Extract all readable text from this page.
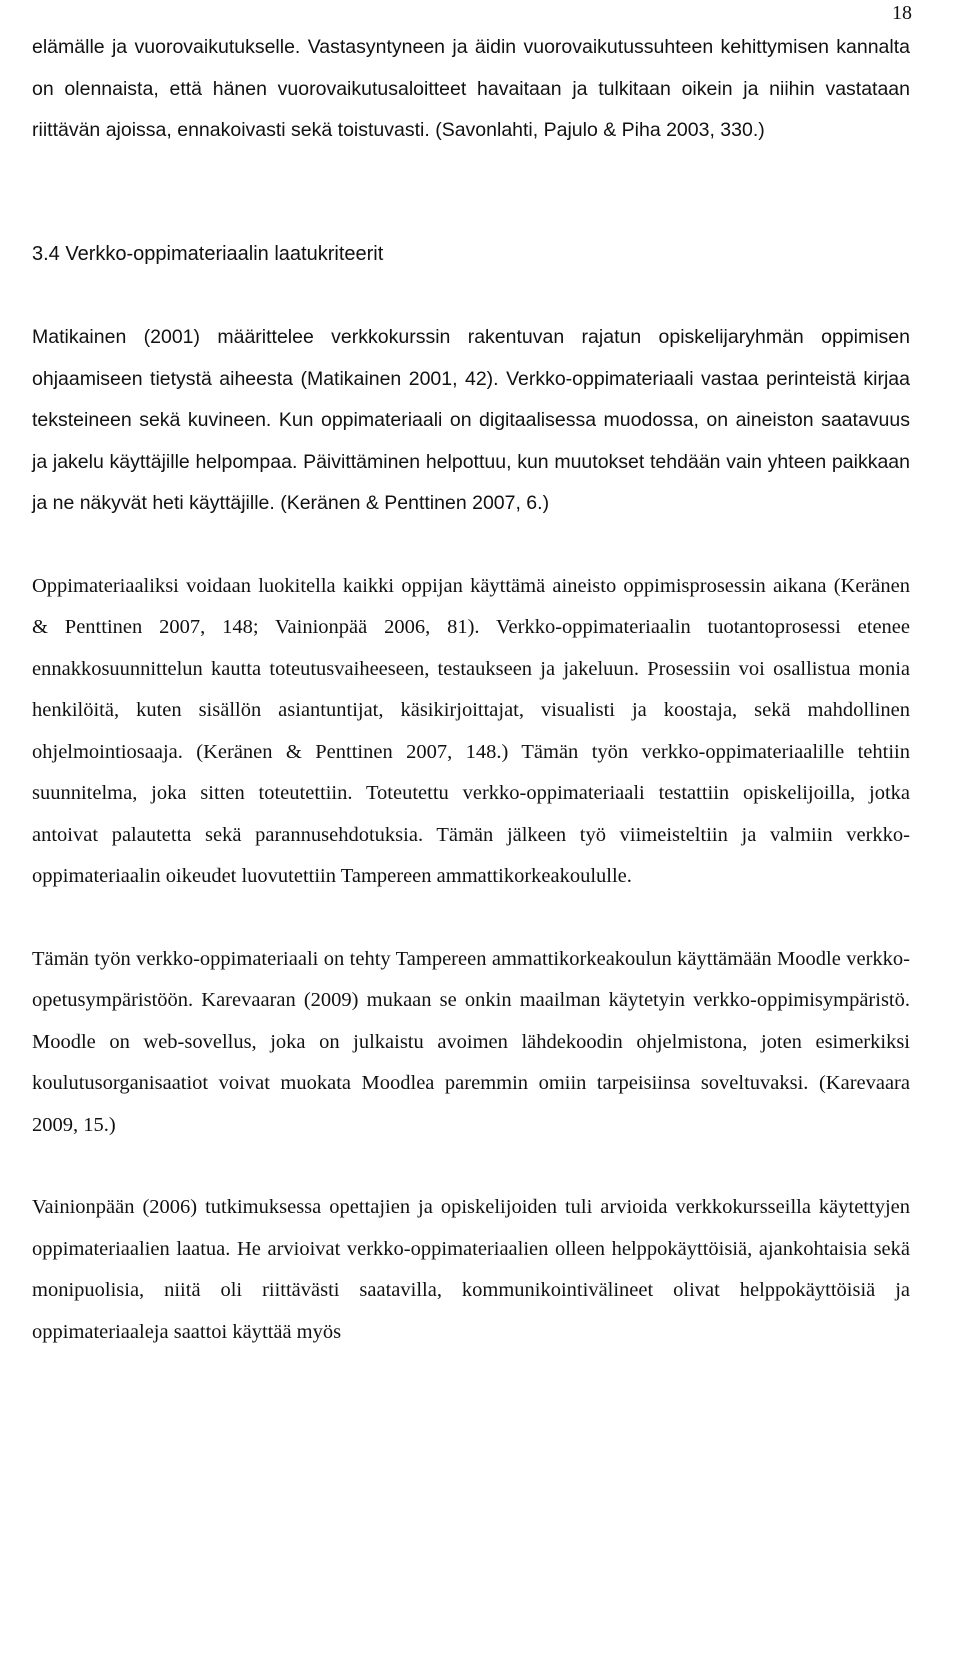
18

elämälle ja vuorovaikutukselle. Vastasyntyneen ja äidin vuorovaikutussuhteen kehittymisen kannalta on olennaista, että hänen vuorovaikutusaloitteet havaitaan ja tulkitaan oikein ja niihin vastataan riittävän ajoissa, ennakoivasti sekä toistuvasti. (Savonlahti, Pajulo & Piha 2003, 330.)

3.4 Verkko-oppimateriaalin laatukriteerit

Matikainen (2001) määrittelee verkkokurssin rakentuvan rajatun opiskelijaryhmän oppimisen ohjaamiseen tietystä aiheesta (Matikainen 2001, 42). Verkko-oppimateriaali vastaa perinteistä kirjaa teksteineen sekä kuvineen. Kun oppimateriaali on digitaalisessa muodossa, on aineiston saatavuus ja jakelu käyttäjille helpompaa. Päivittäminen helpottuu, kun muutokset tehdään vain yhteen paikkaan ja ne näkyvät heti käyttäjille. (Keränen & Penttinen 2007, 6.)

Oppimateriaaliksi voidaan luokitella kaikki oppijan käyttämä aineisto oppimisprosessin aikana (Keränen & Penttinen 2007, 148; Vainionpää 2006, 81). Verkko-oppimateriaalin tuotantoprosessi etenee ennakkosuunnittelun kautta toteutusvaiheeseen, testaukseen ja jakeluun. Prosessiin voi osallistua monia henkilöitä, kuten sisällön asiantuntijat, käsikirjoittajat, visualisti ja koostaja, sekä mahdollinen ohjelmointiosaaja. (Keränen & Penttinen 2007, 148.) Tämän työn verkko-oppimateriaalille tehtiin suunnitelma, joka sitten toteutettiin. Toteutettu verkko-oppimateriaali testattiin opiskelijoilla, jotka antoivat palautetta sekä parannusehdotuksia. Tämän jälkeen työ viimeisteltiin ja valmiin verkkooppimateriaalin oikeudet luovutettiin Tampereen ammattikorkeakoululle.

Tämän työn verkko-oppimateriaali on tehty Tampereen ammattikorkeakoulun käyttämään Moodle verkko-opetusympäristöön. Karevaaran (2009) mukaan se onkin maailman käytetyin verkko-oppimisympäristö. Moodle on web-sovellus, joka on julkaistu avoimen lähdekoodin ohjelmistona, joten esimerkiksi koulutusorganisaatiot voivat muokata Moodlea paremmin omiin tarpeisiinsa soveltuvaksi. (Karevaara 2009, 15.)

Vainionpään (2006) tutkimuksessa opettajien ja opiskelijoiden tuli arvioida verkkokursseilla käytettyjen oppimateriaalien laatua. He arvioivat verkko-oppimateriaalien olleen helppokäyttöisiä, ajankohtaisia sekä monipuolisia, niitä oli riittävästi saatavilla, kommunikointivälineet olivat helppokäyttöisiä ja oppimateriaaleja saattoi käyttää myös
